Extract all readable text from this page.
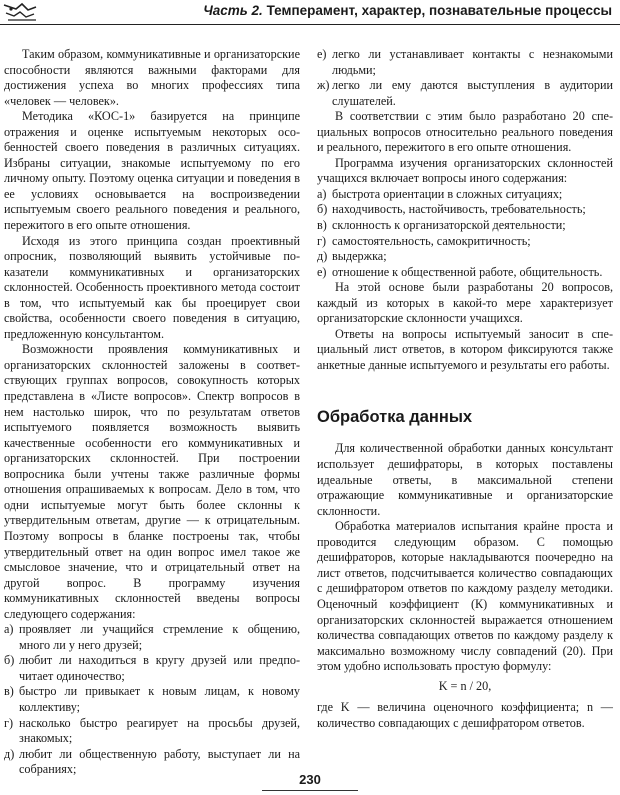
Часть 2. Темперамент, характер, познавательные процессы

Таким образом, коммуникативные и организаторские способности являются важными факторами для достижения успеха во многих профессиях типа «человек — человек».

Методика «КОС-1» базируется на принципе отражения и оценке испытуемым некоторых особенностей своего поведения в различных ситуациях. Избраны ситуации, знакомые испытуемому по его личному опыту. Поэтому оценка ситуации и поведения в ее условиях основывается на воспроизведении испытуемым своего реального поведения и реального, пережитого в его опыте отношения.

Исходя из этого принципа создан проективный опросник, позволяющий выявить устойчивые показатели коммуникативных и организаторских склонностей. Особенность проективного метода состоит в том, что испытуемый как бы проецирует свои свойства, особенности своего поведения в ситуацию, предложенную консультантом.

Возможности проявления коммуникативных и организаторских склонностей заложены в соответствующих группах вопросов, совокупность которых представлена в «Листе вопросов». Спектр вопросов в нем настолько широк, что по результатам ответов испытуемого появляется возможность выявить качественные особенности его коммуникативных и организаторских склонностей. При построении вопросника были учтены также различные формы отношения опрашиваемых к вопросам. Дело в том, что одни испытуемые могут быть более склонны к утвердительным ответам, другие — к отрицательным. Поэтому вопросы в бланке построены так, чтобы утвердительный ответ на один вопрос имел такое же смысловое значение, что и отрицательный ответ на другой вопрос. В программу изучения коммуникативных склонностей введены вопросы следующего содержания:

а) проявляет ли учащийся стремление к общению, много ли у него друзей;
б) любит ли находиться в кругу друзей или предпочитает одиночество;
в) быстро ли привыкает к новым лицам, к новому коллективу;
г) насколько быстро реагирует на просьбы друзей, знакомых;
д) любит ли общественную работу, выступает ли на собраниях;
е) легко ли устанавливает контакты с незнакомыми людьми;
ж) легко ли ему даются выступления в аудитории слушателей.

В соответствии с этим было разработано 20 специальных вопросов относительно реального поведения и реального, пережитого в его опыте отношения.

Программа изучения организаторских склонностей учащихся включает вопросы иного содержания:

а) быстрота ориентации в сложных ситуациях;
б) находчивость, настойчивость, требовательность;
в) склонность к организаторской деятельности;
г) самостоятельность, самокритичность;
д) выдержка;
е) отношение к общественной работе, общительность.

На этой основе были разработаны 20 вопросов, каждый из которых в какой-то мере характеризует организаторские склонности учащихся.

Ответы на вопросы испытуемый заносит в специальный лист ответов, в котором фиксируются также анкетные данные испытуемого и результаты его работы.

Обработка данных

Для количественной обработки данных консультант использует дешифраторы, в которых поставлены идеальные ответы, в максимальной степени отражающие коммуникативные и организаторские склонности.

Обработка материалов испытания крайне проста и проводится следующим образом. С помощью дешифраторов, которые накладываются поочередно на лист ответов, подсчитывается количество совпадающих с дешифратором ответов по каждому разделу методики. Оценочный коэффициент (К) коммуникативных и организаторских склонностей выражается отношением количества совпадающих ответов по каждому разделу к максимально возможному числу совпадений (20). При этом удобно использовать простую формулу:

K = n / 20,

где K — величина оценочного коэффициента; n — количество совпадающих с дешифратором ответов.

230
